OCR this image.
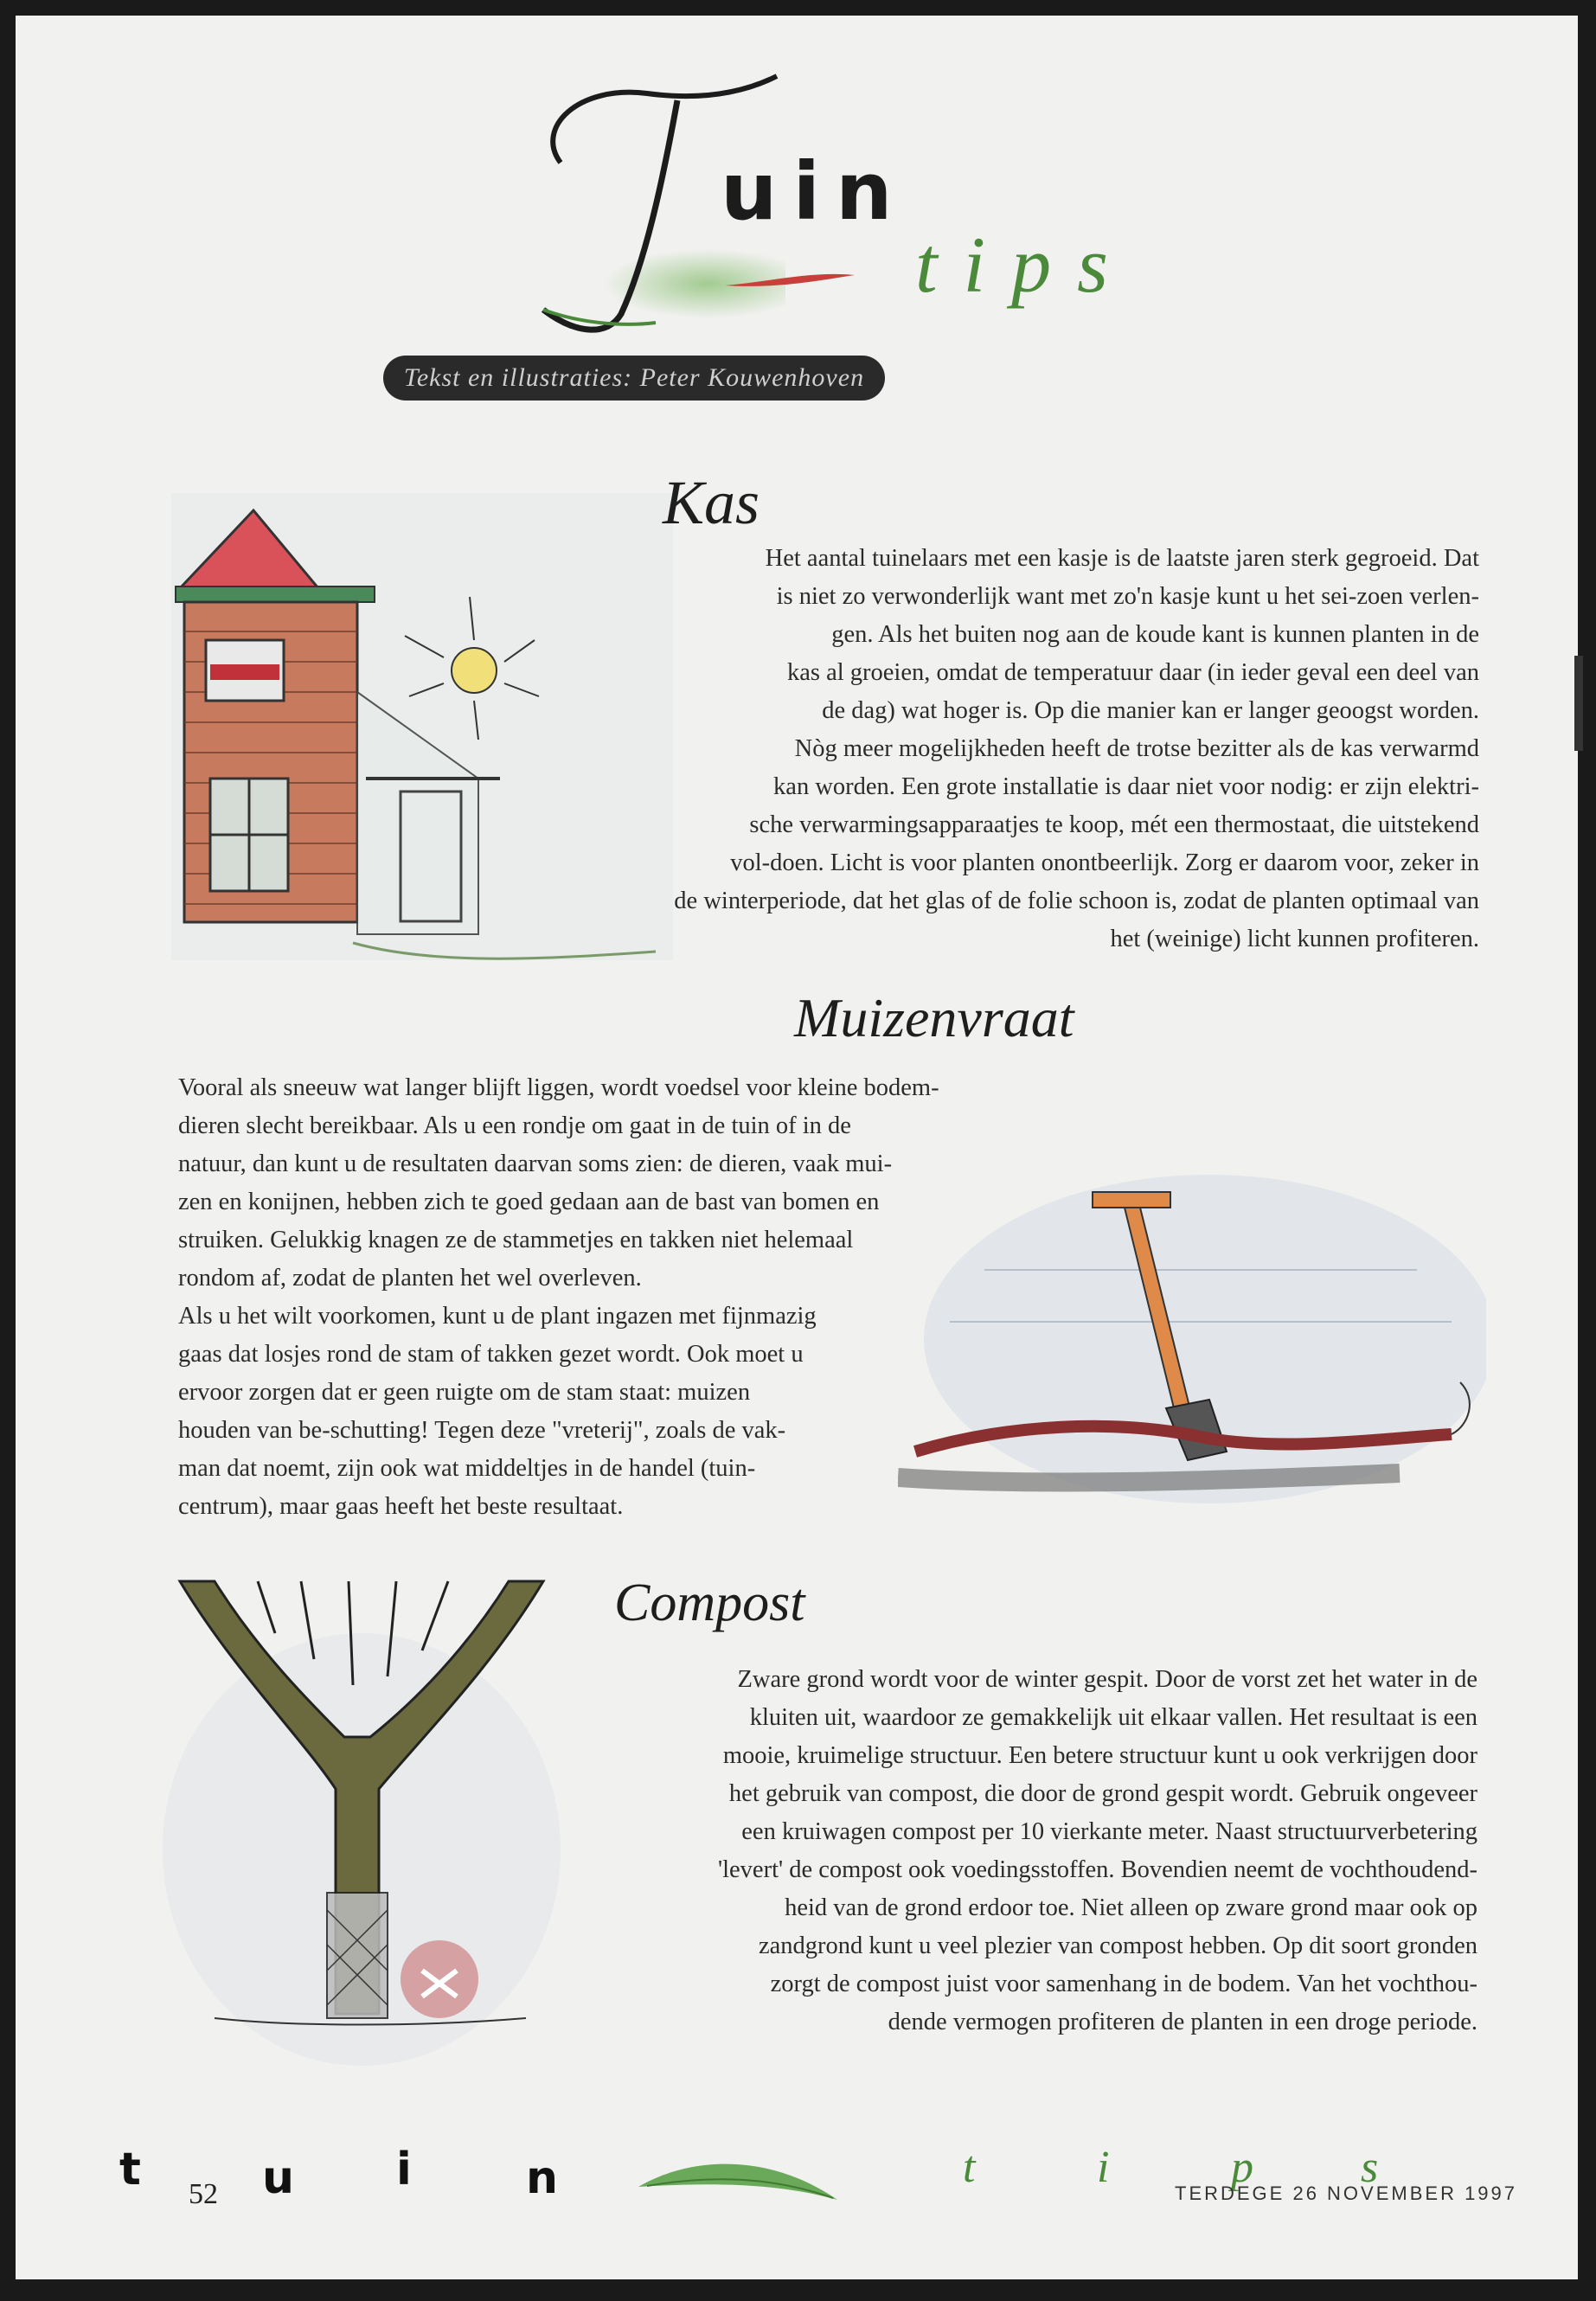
uin
tips
Tekst en illustraties: Peter Kouwenhoven
Kas

Het aantal tuinelaars met een kasje is de laatste jaren sterk gegroeid. Dat

is niet zo verwonderlijk want met zo'n kasje kunt u het sei-zoen verlen-

gen. Als het buiten nog aan de koude kant is kunnen planten in de

kas al groeien, omdat de temperatuur daar (in ieder geval een deel van

de dag) wat hoger is. Op die manier kan er langer geoogst worden.

Nòg meer mogelijkheden heeft de trotse bezitter als de kas verwarmd

kan worden. Een grote installatie is daar niet voor nodig: er zijn elektri-

sche verwarmingsapparaatjes te koop, mét een thermostaat, die uitstekend

vol-doen. Licht is voor planten onontbeerlijk. Zorg er daarom voor, zeker in

de winterperiode, dat het glas of de folie schoon is, zodat de planten optimaal van

het (weinige) licht kunnen profiteren.

Muizenvraat

Vooral als sneeuw wat langer blijft liggen, wordt voedsel voor kleine bodem-

dieren slecht bereikbaar. Als u een rondje om gaat in de tuin of in de

natuur, dan kunt u de resultaten daarvan soms zien: de dieren, vaak mui-

zen en konijnen, hebben zich te goed gedaan aan de bast van bomen en

struiken. Gelukkig knagen ze de stammetjes en takken niet helemaal

rondom af, zodat de planten het wel overleven.

Als u het wilt voorkomen, kunt u de plant ingazen met fijnmazig

gaas dat losjes rond de stam of takken gezet wordt. Ook moet u

ervoor zorgen dat er geen ruigte om de stam staat: muizen

houden van be-schutting! Tegen deze "vreterij", zoals de vak-

man dat noemt, zijn ook wat middeltjes in de handel (tuin-

centrum), maar gaas heeft het beste resultaat.

Compost

Zware grond wordt voor de winter gespit. Door de vorst zet het water in de

kluiten uit, waardoor ze gemakkelijk uit elkaar vallen. Het resultaat is een

mooie, kruimelige structuur. Een betere structuur kunt u ook verkrijgen door

het gebruik van compost, die door de grond gespit wordt. Gebruik ongeveer

een kruiwagen compost per 10 vierkante meter. Naast structuurverbetering

'levert' de compost ook voedingsstoffen. Bovendien neemt de vochthoudend-

heid van de grond erdoor toe. Niet alleen op zware grond maar ook op

zandgrond kunt u veel plezier van compost hebben. Op dit soort gronden

zorgt de compost juist voor samenhang in de bodem. Van het vochthou-

dende vermogen profiteren de planten in een droge periode.

t	u i	n
52
t	i	p s
TERDEGE 26 NOVEMBER 1997
